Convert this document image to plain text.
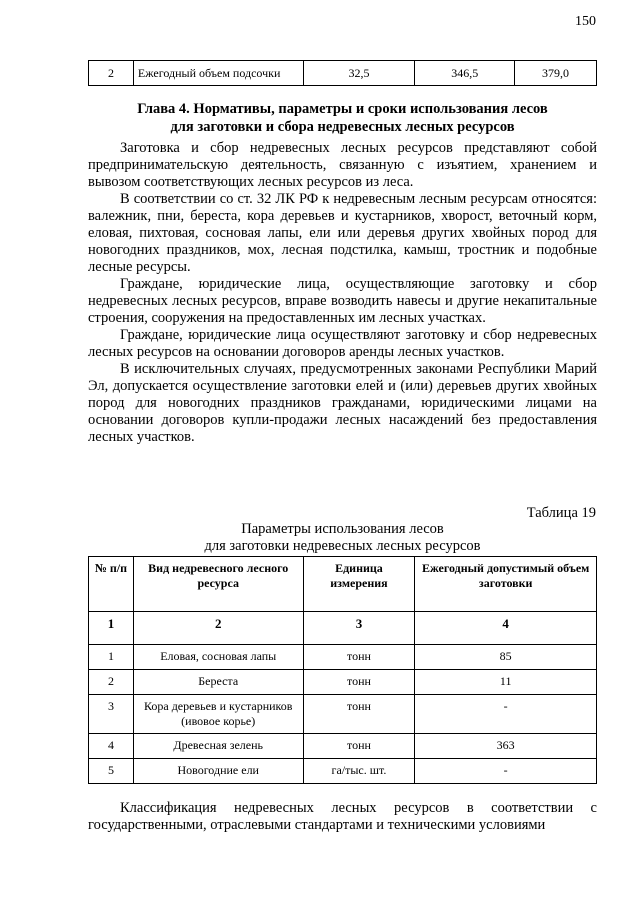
150
2	Ежегодный объем подсочки	32,5	346,5	379,0
Глава 4. Нормативы, параметры и сроки использования лесов
для заготовки и сбора недревесных лесных ресурсов

Заготовка и сбор недревесных лесных ресурсов представляют собой предпринимательскую деятельность, связанную с изъятием, хранением и вывозом соответствующих лесных ресурсов из леса.

В соответствии со ст. 32 ЛК РФ к недревесным лесным ресурсам относятся: валежник, пни, береста, кора деревьев и кустарников, хворост, веточный корм, еловая, пихтовая, сосновая лапы, ели или деревья других хвойных пород для новогодних праздников, мох, лесная подстилка, камыш, тростник и подобные лесные ресурсы.

Граждане, юридические лица, осуществляющие заготовку и сбор недревесных лесных ресурсов, вправе возводить навесы и другие некапитальные строения, сооружения на предоставленных им лесных участках.

Граждане, юридические лица осуществляют заготовку и сбор недревесных лесных ресурсов на основании договоров аренды лесных участков.

В исключительных случаях, предусмотренных законами Республики Марий Эл, допускается осуществление заготовки елей и (или) деревьев других хвойных пород для новогодних праздников гражданами, юридическими лицами на основании договоров купли-продажи лесных насаждений без предоставления лесных участков.

Таблица 19
Параметры использования лесов
для заготовки недревесных лесных ресурсов
№ п/п	Вид недревесного лесного ресурса	Единица измерения	Ежегодный допустимый объем заготовки
1	2	3	4
1	Еловая, сосновая лапы	тонн	85
2	Береста	тонн	11
3	Кора деревьев и кустарников (ивовое корье)	тонн	-
4	Древесная зелень	тонн	363
5	Новогодние ели	га/тыс. шт.	-

Классификация недревесных лесных ресурсов в соответствии с государственными, отраслевыми стандартами и техническими условиями
